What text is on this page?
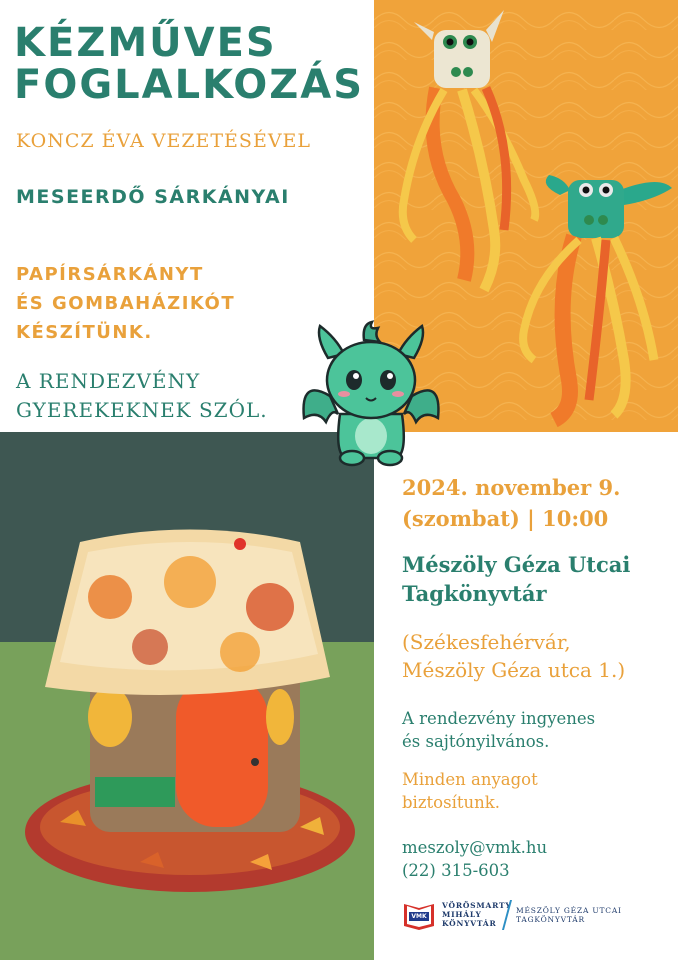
KÉZMŰVES
FOGLALKOZÁS
KONCZ ÉVA VEZETÉSÉVEL
MESEERDŐ SÁRKÁNYAI
PAPÍRSÁRKÁNYT
ÉS GOMBAHÁZIKÓT
KÉSZÍTÜNK.
A RENDEZVÉNY
GYEREKEKNEK SZÓL.
2024. november 9.
(szombat) | 10:00
Mészöly Géza Utcai
Tagkönyvtár
(Székesfehérvár,
Mészöly Géza utca 1.)
A rendezvény ingyenes
és sajtónyilvános.
Minden anyagot
biztosítunk.
meszoly@vmk.hu
(22) 315-603
VMK
VÖRÖSMARTY
MIHÁLY
KÖNYVTÁR
MÉSZÖLY GÉZA UTCAI
TAGKÖNYVTÁR
